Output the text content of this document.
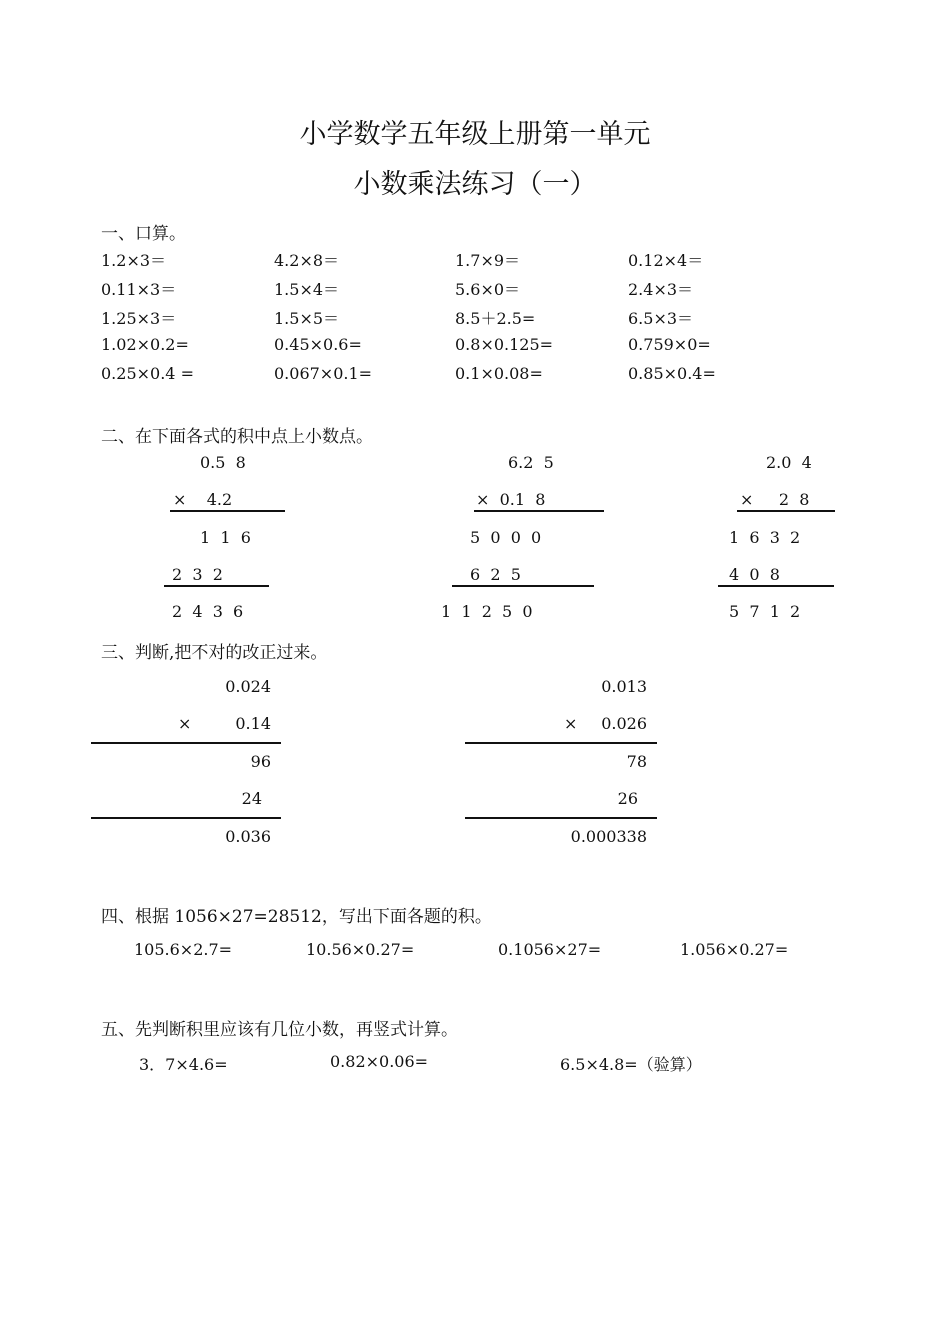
小学数学五年级上册第一单元
小数乘法练习（一）
一、口算。
1.2×3＝	4.2×8＝	1.7×9＝	0.12×4＝
0.11×3＝	1.5×4＝	5.6×0＝	2.4×3＝
1.25×3＝	1.5×5＝	8.5＋2.5=	6.5×3＝
1.02×0.2=	0.45×0.6=	0.8×0.125=	0.759×0=
0.25×0.4 =	0.067×0.1=	0.1×0.08=	0.85×0.4=
二、在下面各式的积中点上小数点。
0.5  8
×    4.2
1  1  6
2  3  2
2  4  3  6
6.2  5
×  0.1  8
5  0  0  0
6  2  5
1  1  2  5  0
2.0  4
×     2  8
1  6  3  2
4  0  8
5  7  1  2
三、判断,把不对的改正过来。
0.024
×	0.14
96
24
0.036
0.013
×	0.026
78
26
0.000338
四、根据 1056×27=28512，写出下面各题的积。
105.6×2.7=	10.56×0.27=	0.1056×27=	1.056×0.27=
五、先判断积里应该有几位小数，再竖式计算。
3．7×4.6=	0.82×0.06=	6.5×4.8=（验算）
